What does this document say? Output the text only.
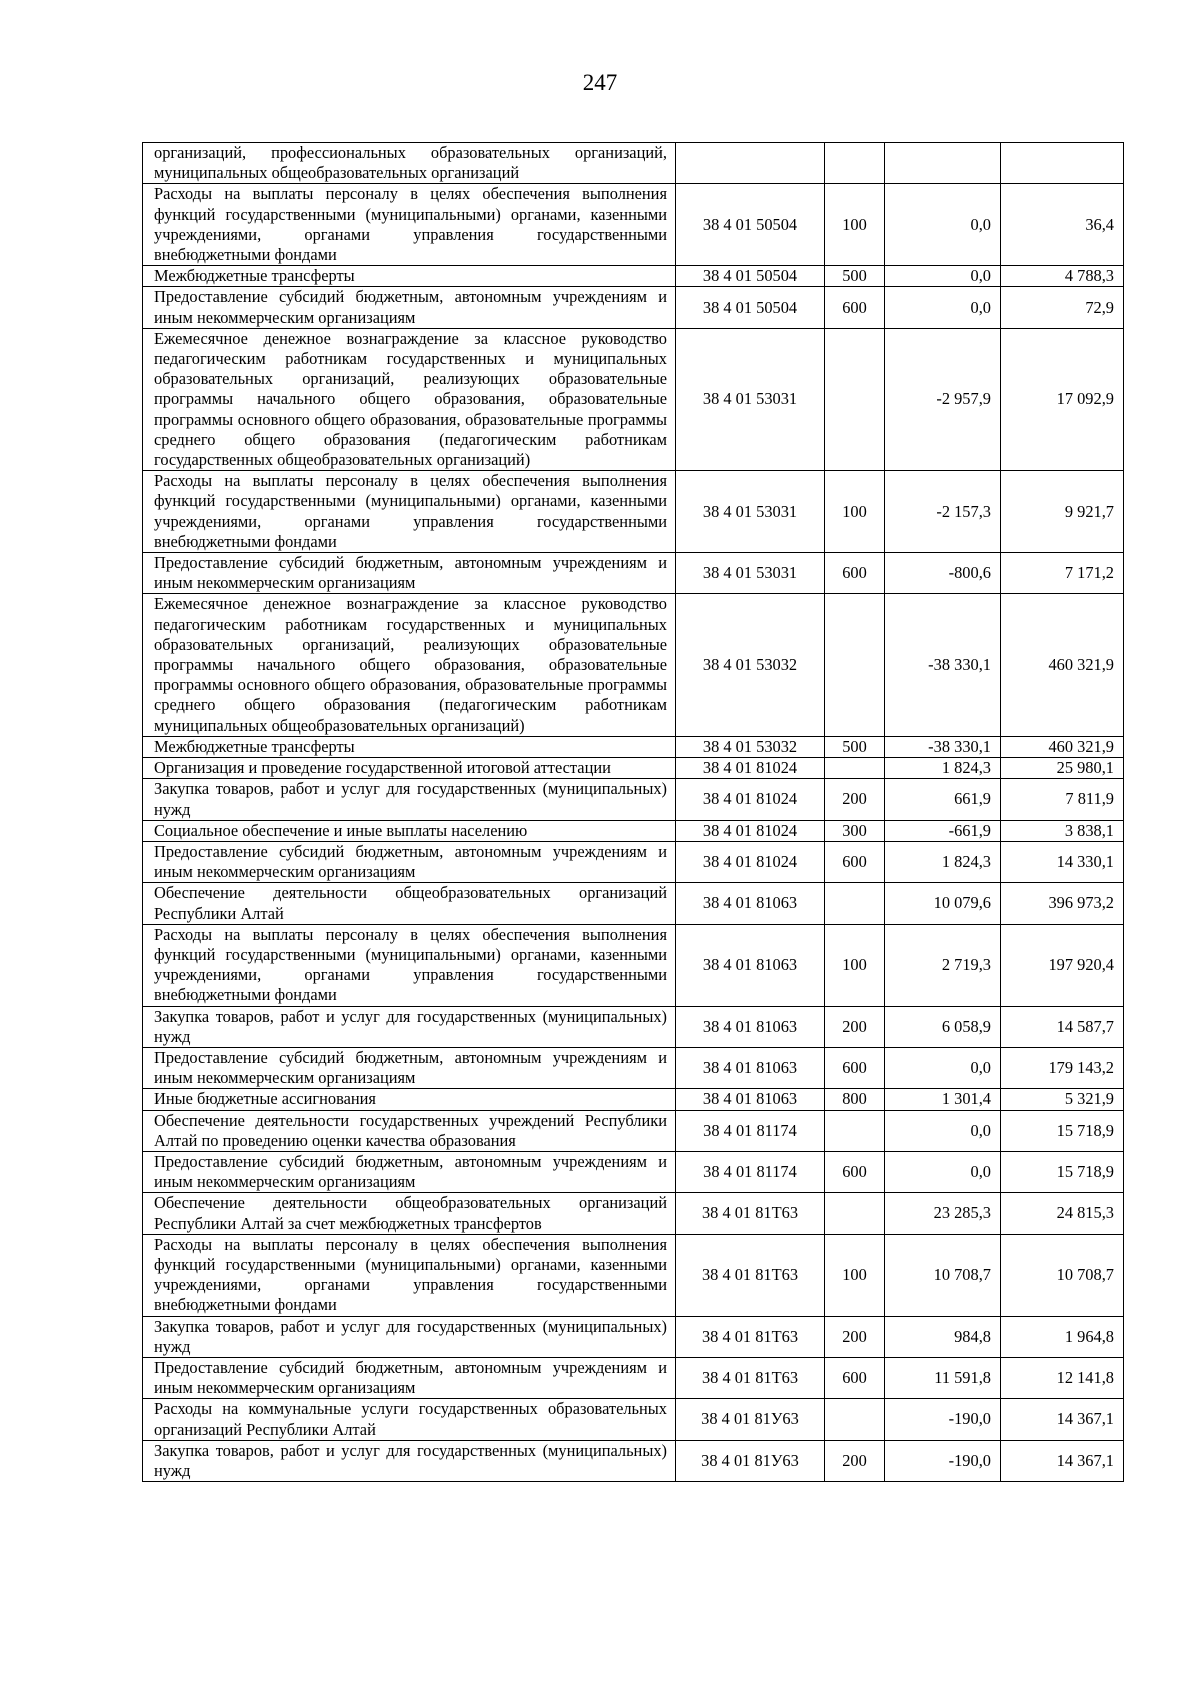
247
организаций, профессиональных образовательных организаций, муниципальных общеобразовательных организаций				
Расходы на выплаты персоналу в целях обеспечения выполнения функций государственными (муниципальными) органами, казенными учреждениями, органами управления государственными внебюджетными фондами	38 4 01 50504	100	0,0	36,4
Межбюджетные трансферты	38 4 01 50504	500	0,0	4 788,3
Предоставление субсидий бюджетным, автономным учреждениям и иным некоммерческим организациям	38 4 01 50504	600	0,0	72,9
Ежемесячное денежное вознаграждение за классное руководство педагогическим работникам государственных и муниципальных образовательных организаций, реализующих образовательные программы начального общего образования, образовательные программы основного общего образования, образовательные программы среднего общего образования (педагогическим работникам государственных общеобразовательных организаций)	38 4 01 53031		-2 957,9	17 092,9
Расходы на выплаты персоналу в целях обеспечения выполнения функций государственными (муниципальными) органами, казенными учреждениями, органами управления государственными внебюджетными фондами	38 4 01 53031	100	-2 157,3	9 921,7
Предоставление субсидий бюджетным, автономным учреждениям и иным некоммерческим организациям	38 4 01 53031	600	-800,6	7 171,2
Ежемесячное денежное вознаграждение за классное руководство педагогическим работникам государственных и муниципальных образовательных организаций, реализующих образовательные программы начального общего образования, образовательные программы основного общего образования, образовательные программы среднего общего образования (педагогическим работникам муниципальных общеобразовательных организаций)	38 4 01 53032		-38 330,1	460 321,9
Межбюджетные трансферты	38 4 01 53032	500	-38 330,1	460 321,9
Организация и проведение государственной итоговой аттестации	38 4 01 81024		1 824,3	25 980,1
Закупка товаров, работ и услуг для государственных (муниципальных) нужд	38 4 01 81024	200	661,9	7 811,9
Социальное обеспечение и иные выплаты населению	38 4 01 81024	300	-661,9	3 838,1
Предоставление субсидий бюджетным, автономным учреждениям и иным некоммерческим организациям	38 4 01 81024	600	1 824,3	14 330,1
Обеспечение деятельности общеобразовательных организаций Республики Алтай	38 4 01 81063		10 079,6	396 973,2
Расходы на выплаты персоналу в целях обеспечения выполнения функций государственными (муниципальными) органами, казенными учреждениями, органами управления государственными внебюджетными фондами	38 4 01 81063	100	2 719,3	197 920,4
Закупка товаров, работ и услуг для государственных (муниципальных) нужд	38 4 01 81063	200	6 058,9	14 587,7
Предоставление субсидий бюджетным, автономным учреждениям и иным некоммерческим организациям	38 4 01 81063	600	0,0	179 143,2
Иные бюджетные ассигнования	38 4 01 81063	800	1 301,4	5 321,9
Обеспечение деятельности государственных учреждений Республики Алтай по проведению оценки качества образования	38 4 01 81174		0,0	15 718,9
Предоставление субсидий бюджетным, автономным учреждениям и иным некоммерческим организациям	38 4 01 81174	600	0,0	15 718,9
Обеспечение деятельности общеобразовательных организаций Республики Алтай за счет межбюджетных трансфертов	38 4 01 81Т63		23 285,3	24 815,3
Расходы на выплаты персоналу в целях обеспечения выполнения функций государственными (муниципальными) органами, казенными учреждениями, органами управления государственными внебюджетными фондами	38 4 01 81Т63	100	10 708,7	10 708,7
Закупка товаров, работ и услуг для государственных (муниципальных) нужд	38 4 01 81Т63	200	984,8	1 964,8
Предоставление субсидий бюджетным, автономным учреждениям и иным некоммерческим организациям	38 4 01 81Т63	600	11 591,8	12 141,8
Расходы на коммунальные услуги государственных образовательных организаций Республики Алтай	38 4 01 81У63		-190,0	14 367,1
Закупка товаров, работ и услуг для государственных (муниципальных) нужд	38 4 01 81У63	200	-190,0	14 367,1
